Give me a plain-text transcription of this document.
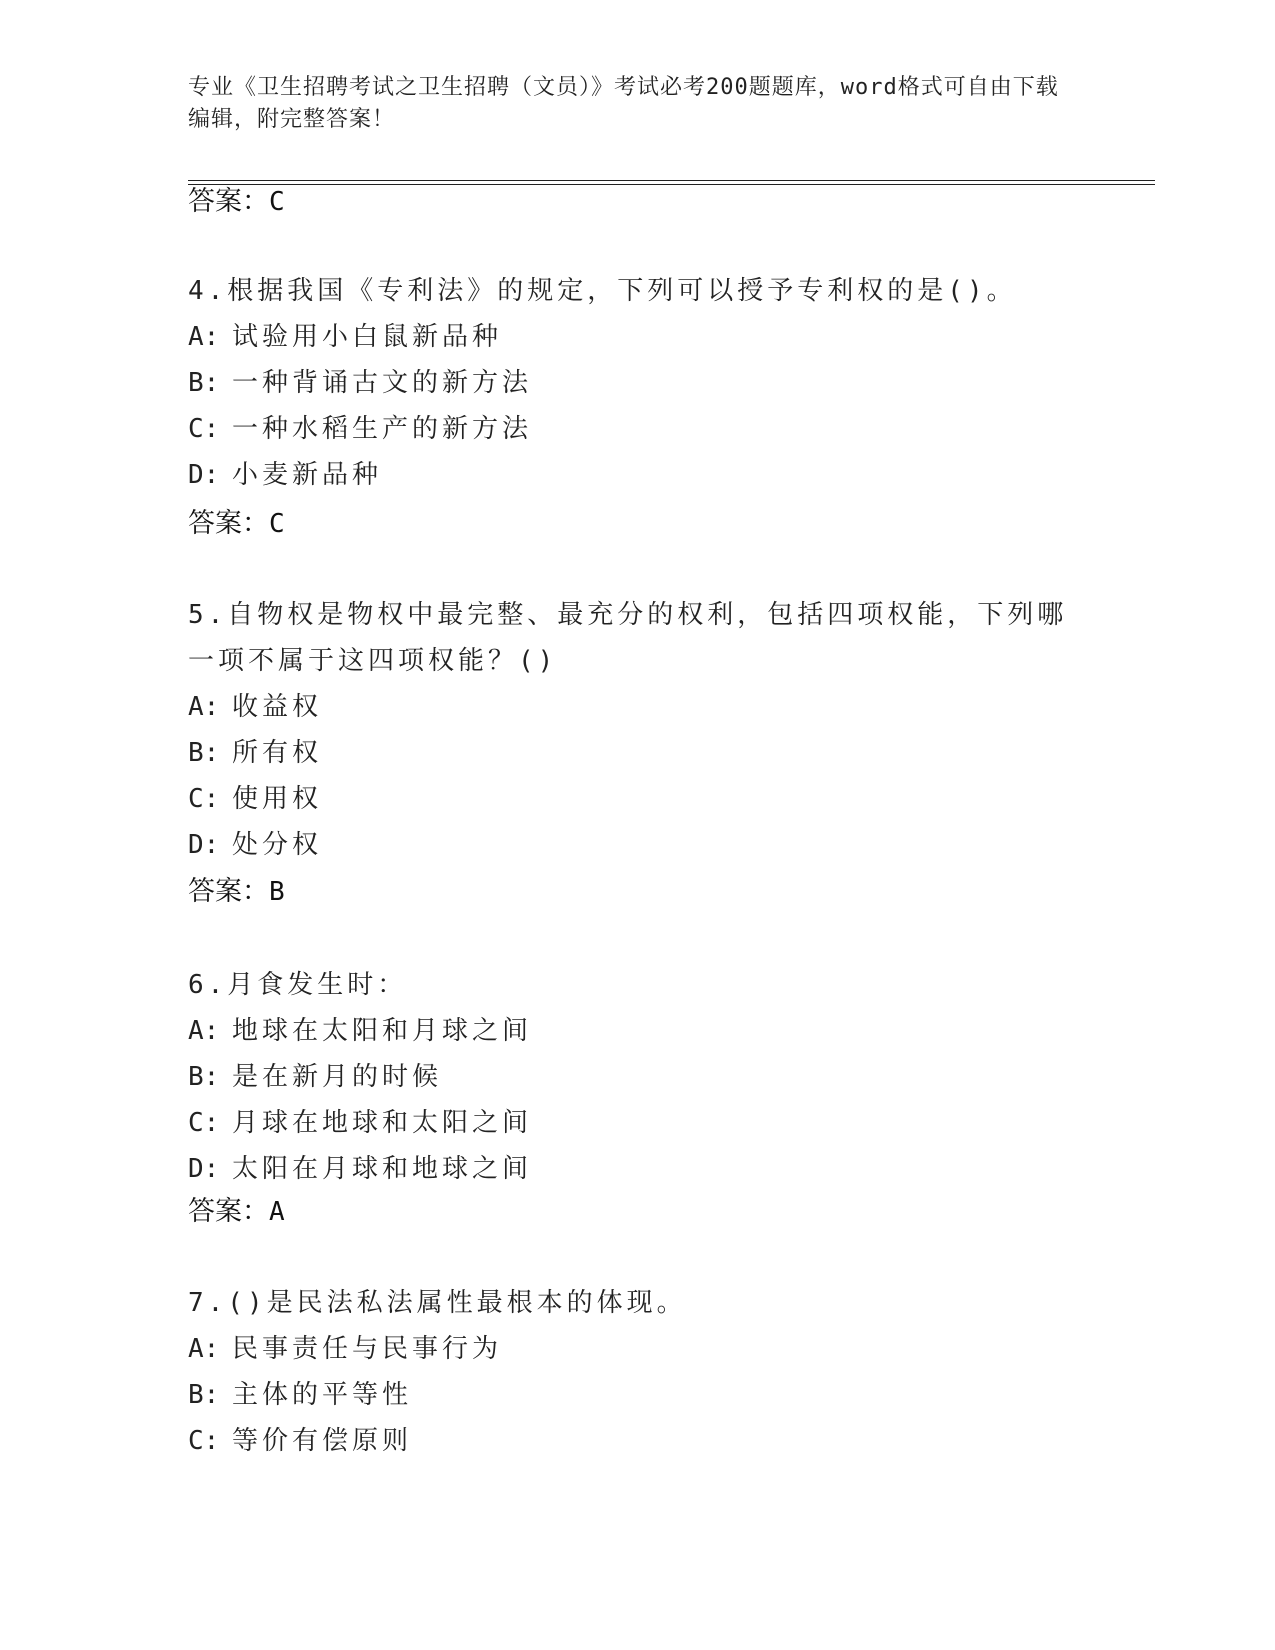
专业《卫生招聘考试之卫生招聘（文员）》考试必考200题题库，word格式可自由下载编辑，附完整答案！
答案：C

4.根据我国《专利法》的规定，下列可以授予专利权的是()。

A: 试验用小白鼠新品种

B: 一种背诵古文的新方法

C: 一种水稻生产的新方法

D: 小麦新品种

答案：C

5.自物权是物权中最完整、最充分的权利，包括四项权能，下列哪一项不属于这四项权能？()

A: 收益权

B: 所有权

C: 使用权

D: 处分权

答案：B

6.月食发生时：

A: 地球在太阳和月球之间

B: 是在新月的时候

C: 月球在地球和太阳之间

D: 太阳在月球和地球之间

答案：A

7.()是民法私法属性最根本的体现。

A: 民事责任与民事行为

B: 主体的平等性

C: 等价有偿原则
